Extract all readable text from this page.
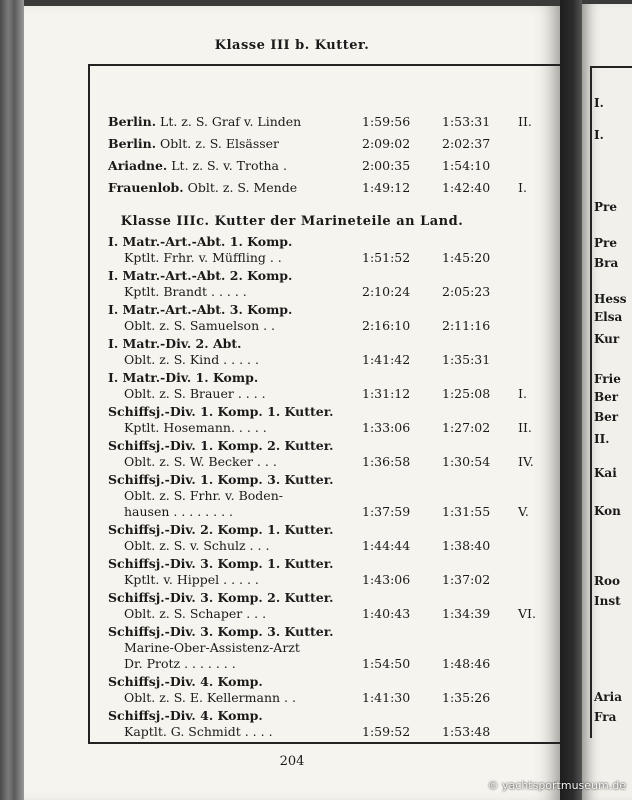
Klasse III b. Kutter.
Berlin. Lt. z. S. Graf v. Linden	1:59:56	1:53:31 II.
Berlin. Oblt. z. S. Elsässer	2:09:02	2:02:37
Ariadne. Lt. z. S. v. Trotha .	2:00:35	1:54:10
Frauenlob. Oblt. z. S. Mende	1:49:12	1:42:40 I.
Klasse IIIc. Kutter der Marineteile an Land.
I. Matr.-Art.-Abt. 1. Komp.
Kptlt. Frhr. v. Müffling . .	1:51:52	1:45:20
I. Matr.-Art.-Abt. 2. Komp.
Kptlt. Brandt . . . . .	2:10:24	2:05:23
I. Matr.-Art.-Abt. 3. Komp.
Oblt. z. S. Samuelson . .	2:16:10	2:11:16
I. Matr.-Div. 2. Abt.
Oblt. z. S. Kind . . . . .	1:41:42	1:35:31
I. Matr.-Div. 1. Komp.
Oblt. z. S. Brauer . . . .	1:31:12	1:25:08 I.
Schiffsj.-Div. 1. Komp. 1. Kutter.
Kptlt. Hosemann. . . . .	1:33:06	1:27:02 II.
Schiffsj.-Div. 1. Komp. 2. Kutter.
Oblt. z. S. W. Becker . . .	1:36:58	1:30:54 IV.
Schiffsj.-Div. 1. Komp. 3. Kutter.
Oblt. z. S. Frhr. v. Boden-
hausen . . . . . . . .	1:37:59	1:31:55 V.
Schiffsj.-Div. 2. Komp. 1. Kutter.
Oblt. z. S. v. Schulz . . .	1:44:44	1:38:40
Schiffsj.-Div. 3. Komp. 1. Kutter.
Kptlt. v. Hippel . . . . .	1:43:06	1:37:02
Schiffsj.-Div. 3. Komp. 2. Kutter.
Oblt. z. S. Schaper . . .	1:40:43	1:34:39 VI.
Schiffsj.-Div. 3. Komp. 3. Kutter.
Marine-Ober-Assistenz-Arzt
Dr. Protz . . . . . . .	1:54:50	1:48:46
Schiffsj.-Div. 4. Komp.
Oblt. z. S. E. Kellermann . .	1:41:30	1:35:26
Schiffsj.-Div. 4. Komp.
Kaptlt. G. Schmidt . . . .	1:59:52	1:53:48
204
I.
I.
Pre
Pre
Bra
Hess
Elsa
Kur
Frie
Ber
Ber
II.
Kai
Kon
Roo
Inst
Aria
Fra
© yachtsportmuseum.de
